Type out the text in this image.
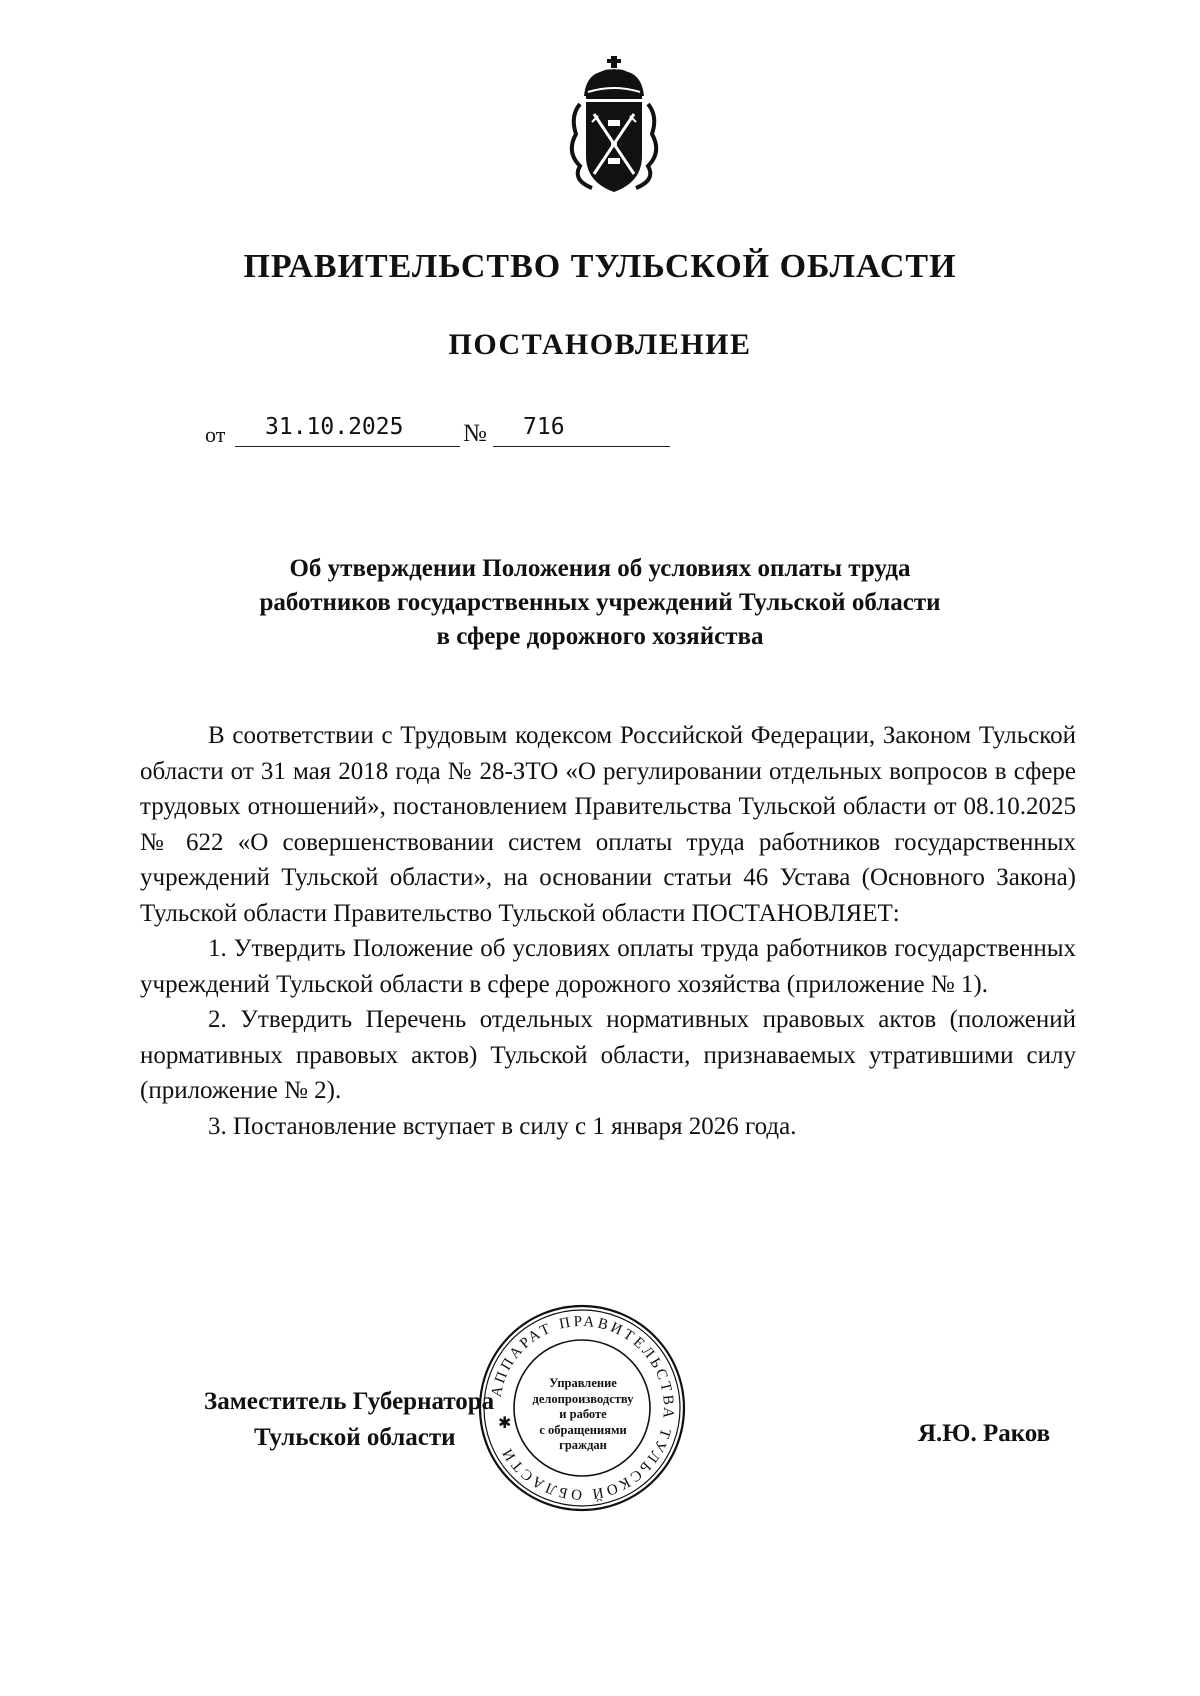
ПРАВИТЕЛЬСТВО ТУЛЬСКОЙ ОБЛАСТИ
ПОСТАНОВЛЕНИЕ
от 31.10.2025 № 716
Об утверждении Положения об условиях оплаты труда
работников государственных учреждений Тульской области
в сфере дорожного хозяйства

В соответствии с Трудовым кодексом Российской Федерации, Законом Тульской области от 31 мая 2018 года № 28-ЗТО «О регулировании отдельных вопросов в сфере трудовых отношений», постановлением Правительства Тульской области от 08.10.2025 № 622 «О совершенствовании систем оплаты труда работников государственных учреждений Тульской области», на основании статьи 46 Устава (Основного Закона) Тульской области Правительство Тульской области ПОСТАНОВЛЯЕТ:

1. Утвердить Положение об условиях оплаты труда работников государственных учреждений Тульской области в сфере дорожного хозяйства (приложение № 1).

2. Утвердить Перечень отдельных нормативных правовых актов (положений нормативных правовых актов) Тульской области, признаваемых утратившими силу (приложение № 2).

3. Постановление вступает в силу с 1 января 2026 года.

АППАРАТ ПРАВИТЕЛЬСТВА ТУЛЬСКОЙ ОБЛАСТИ
✱
Управление
делопроизводству
и работе
с обращениями
граждан
Заместитель Губернатора
Тульской области	Я.Ю. Раков
